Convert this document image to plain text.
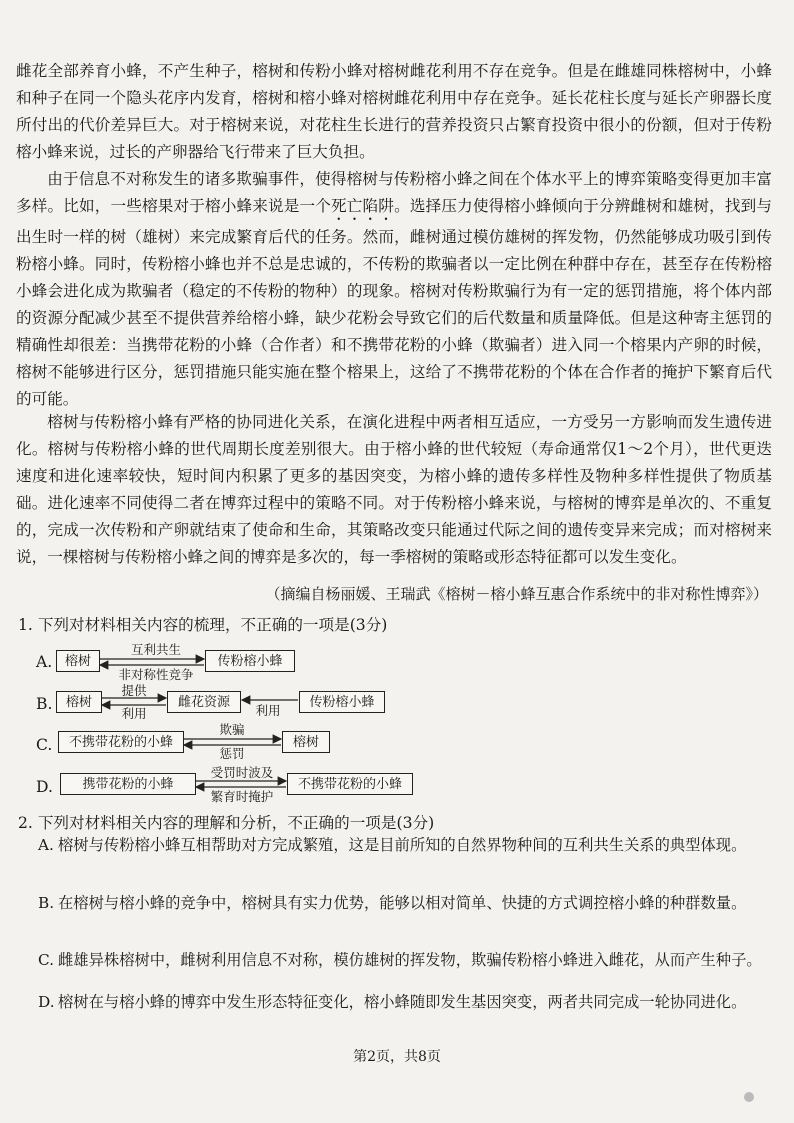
雌花全部养育小蜂，不产生种子，榕树和传粉小蜂对榕树雌花利用不存在竞争。但是在雌雄同株榕树中，小蜂和种子在同一个隐头花序内发育，榕树和榕小蜂对榕树雌花利用中存在竞争。延长花柱长度与延长产卵器长度所付出的代价差异巨大。对于榕树来说，对花柱生长进行的营养投资只占繁育投资中很小的份额，但对于传粉榕小蜂来说，过长的产卵器给飞行带来了巨大负担。

由于信息不对称发生的诸多欺骗事件，使得榕树与传粉榕小蜂之间在个体水平上的博弈策略变得更加丰富多样。比如，一些榕果对于榕小蜂来说是一个死亡陷阱。选择压力使得榕小蜂倾向于分辨雌树和雄树，找到与出生时一样的树（雄树）来完成繁育后代的任务。然而，雌树通过模仿雄树的挥发物，仍然能够成功吸引到传粉榕小蜂。同时，传粉榕小蜂也并不总是忠诚的，不传粉的欺骗者以一定比例在种群中存在，甚至存在传粉榕小蜂会进化成为欺骗者（稳定的不传粉的物种）的现象。榕树对传粉欺骗行为有一定的惩罚措施，将个体内部的资源分配减少甚至不提供营养给榕小蜂，缺少花粉会导致它们的后代数量和质量降低。但是这种寄主惩罚的精确性却很差：当携带花粉的小蜂（合作者）和不携带花粉的小蜂（欺骗者）进入同一个榕果内产卵的时候，榕树不能够进行区分，惩罚措施只能实施在整个榕果上，这给了不携带花粉的个体在合作者的掩护下繁育后代的可能。

榕树与传粉榕小蜂有严格的协同进化关系，在演化进程中两者相互适应，一方受另一方影响而发生遗传进化。榕树与传粉榕小蜂的世代周期长度差别很大。由于榕小蜂的世代较短（寿命通常仅1～2个月），世代更迭速度和进化速率较快，短时间内积累了更多的基因突变，为榕小蜂的遗传多样性及物种多样性提供了物质基础。进化速率不同使得二者在博弈过程中的策略不同。对于传粉榕小蜂来说，与榕树的博弈是单次的、不重复的，完成一次传粉和产卵就结束了使命和生命，其策略改变只能通过代际之间的遗传变异来完成；而对榕树来说，一棵榕树与传粉榕小蜂之间的博弈是多次的，每一季榕树的策略或形态特征都可以发生变化。

（摘编自杨丽媛、王瑞武《榕树－榕小蜂互惠合作系统中的非对称性博弈》）
1. 下列对材料相关内容的梳理，不正确的一项是(3分)
A. 榕树
互利共生
非对称性竞争
传粉榕小蜂
B.	榕树
提供
利用
雌花资源
利用
传粉榕小蜂
C.	不携带花粉的小蜂
欺骗
惩罚
榕树
D.	携带花粉的小蜂
受罚时波及
繁育时掩护
不携带花粉的小蜂
2. 下列对材料相关内容的理解和分析，不正确的一项是(3分)
A. 榕树与传粉榕小蜂互相帮助对方完成繁殖，这是目前所知的自然界物种间的互利共生关系的典型体现。
B. 在榕树与榕小蜂的竞争中，榕树具有实力优势，能够以相对简单、快捷的方式调控榕小蜂的种群数量。
C. 雌雄异株榕树中，雌树利用信息不对称，模仿雄树的挥发物，欺骗传粉榕小蜂进入雌花，从而产生种子。
D. 榕树在与榕小蜂的博弈中发生形态特征变化，榕小蜂随即发生基因突变，两者共同完成一轮协同进化。
第2页，共8页
